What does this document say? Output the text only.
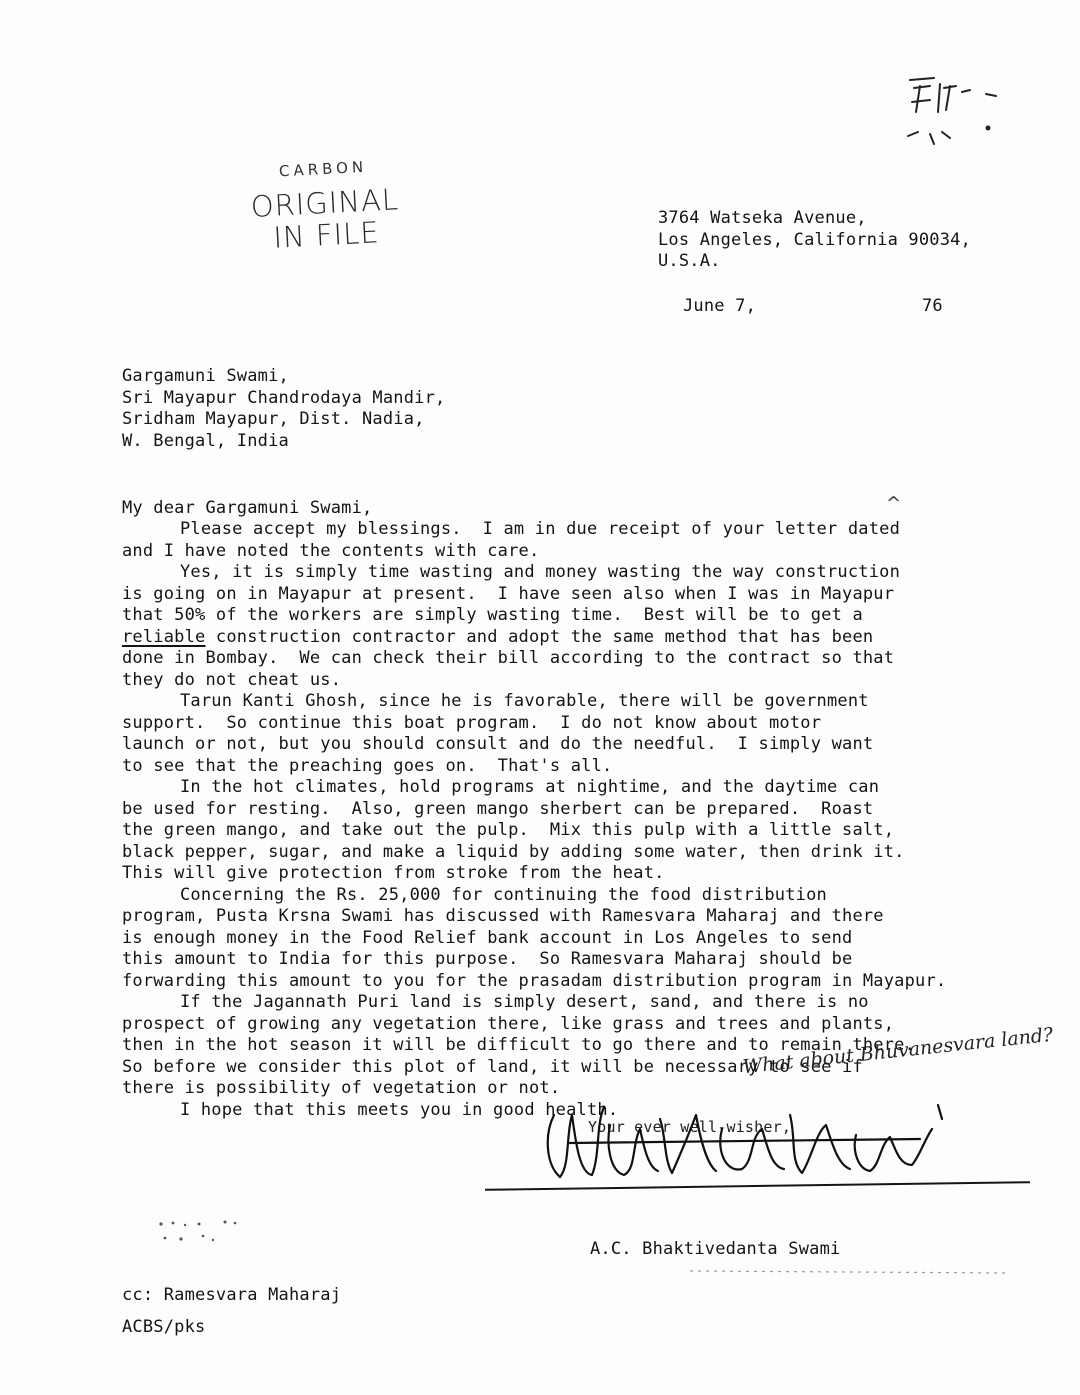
CARBON
ORIGINAL
IN FILE	3764 Watseka Avenue,
Los Angeles, California 90034,
U.S.A.
June 7,	76
Gargamuni Swami,
Sri Mayapur Chandrodaya Mandir,
Sridham Mayapur, Dist. Nadia,
W. Bengal, India

My dear Gargamuni Swami,
Please accept my blessings.  I am in due receipt of your letter dated
and I have noted the contents with care.
Yes, it is simply time wasting and money wasting the way construction
is going on in Mayapur at present.  I have seen also when I was in Mayapur
that 50% of the workers are simply wasting time.  Best will be to get a
reliable construction contractor and adopt the same method that has been
done in Bombay.  We can check their bill according to the contract so that
they do not cheat us.
Tarun Kanti Ghosh, since he is favorable, there will be government
support.  So continue this boat program.  I do not know about motor
launch or not, but you should consult and do the needful.  I simply want
to see that the preaching goes on.  That's all.
In the hot climates, hold programs at nightime, and the daytime can
be used for resting.  Also, green mango sherbert can be prepared.  Roast
the green mango, and take out the pulp.  Mix this pulp with a little salt,
black pepper, sugar, and make a liquid by adding some water, then drink it.
This will give protection from stroke from the heat.
Concerning the Rs. 25,000 for continuing the food distribution
program, Pusta Krsna Swami has discussed with Ramesvara Maharaj and there
is enough money in the Food Relief bank account in Los Angeles to send
this amount to India for this purpose.  So Ramesvara Maharaj should be
forwarding this amount to you for the prasadam distribution program in Mayapur.
If the Jagannath Puri land is simply desert, sand, and there is no
prospect of growing any vegetation there, like grass and trees and plants,
then in the hot season it will be difficult to go there and to remain there.
So before we consider this plot of land, it will be necessary to see if
there is possibility of vegetation or not.
I hope that this meets you in good health.

^
What about Bhuvanesvara land?
Your ever well-wisher,
A.C. Bhaktivedanta Swami
cc: Ramesvara Maharaj
ACBS/pks
